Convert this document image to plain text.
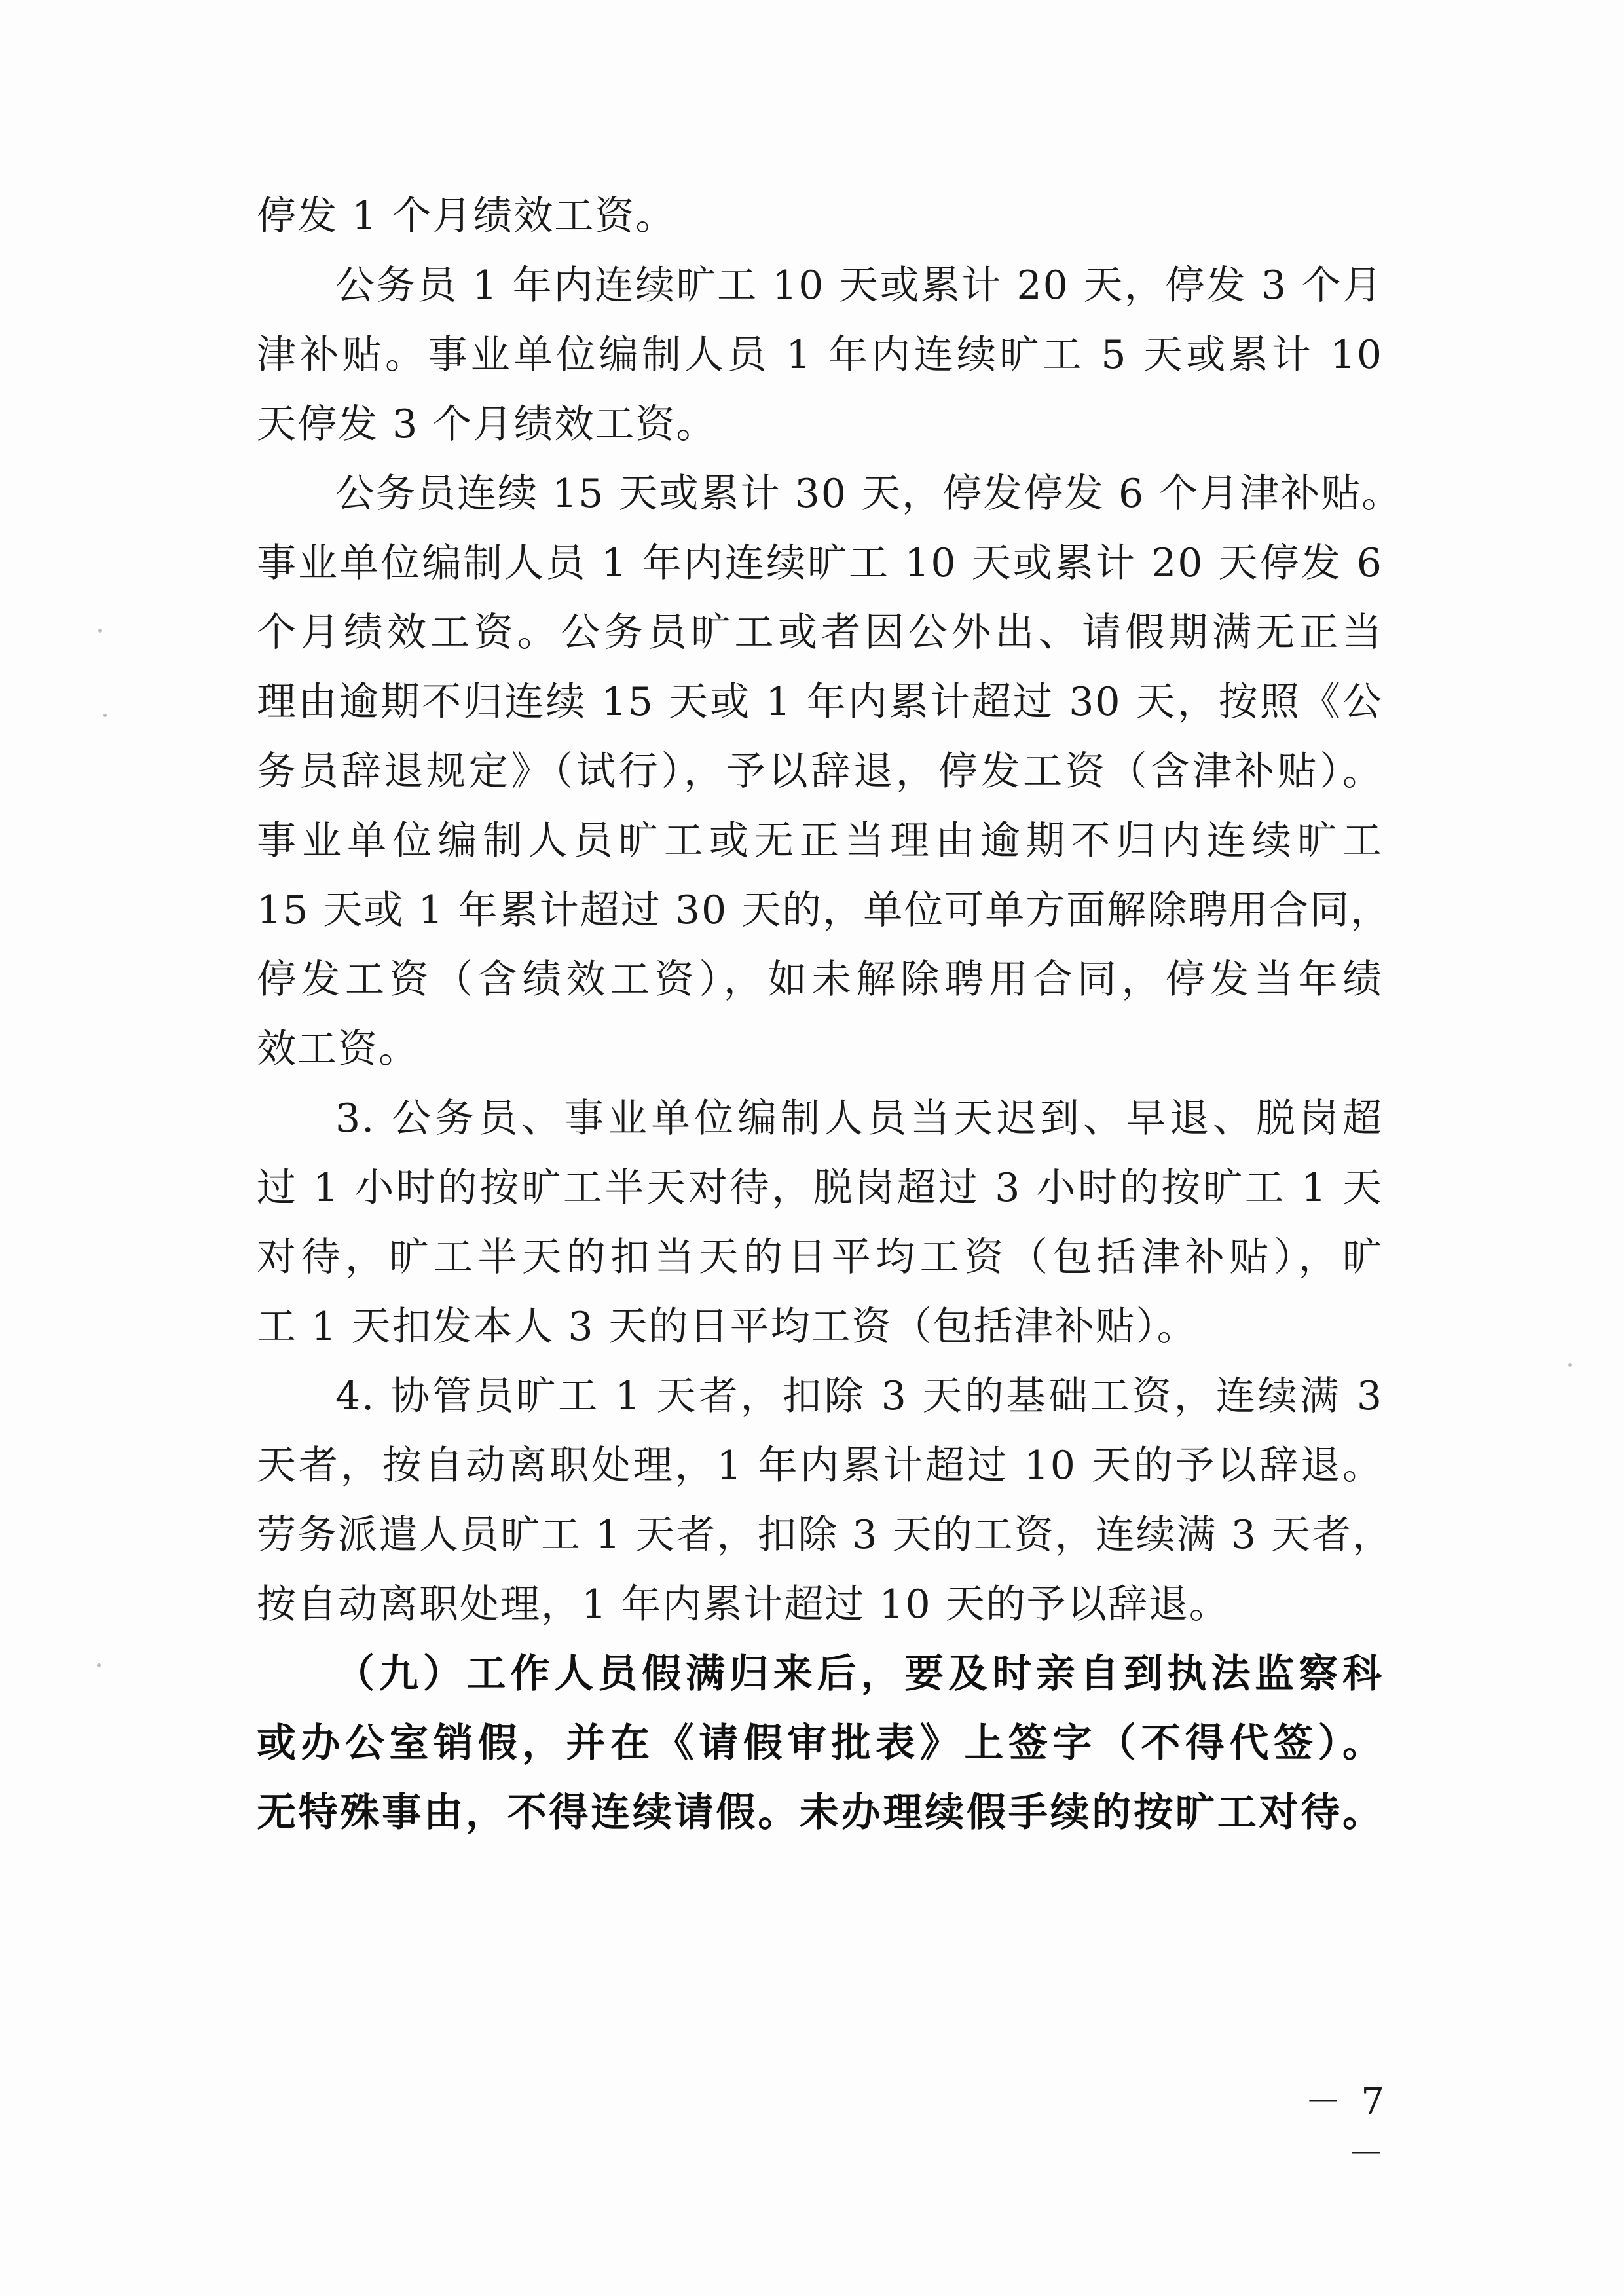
停发 1 个月绩效工资。
公务员 1 年内连续旷工 10 天或累计 20 天，停发 3 个月
津补贴。事业单位编制人员 1 年内连续旷工 5 天或累计 10
天停发 3 个月绩效工资。
公务员连续 15 天或累计 30 天，停发停发 6 个月津补贴。
事业单位编制人员 1 年内连续旷工 10 天或累计 20 天停发 6
个月绩效工资。公务员旷工或者因公外出、请假期满无正当
理由逾期不归连续 15 天或 1 年内累计超过 30 天，按照《公
务员辞退规定》（试行），予以辞退，停发工资（含津补贴）。
事业单位编制人员旷工或无正当理由逾期不归内连续旷工
15 天或 1 年累计超过 30 天的，单位可单方面解除聘用合同，
停发工资（含绩效工资），如未解除聘用合同，停发当年绩
效工资。
3. 公务员、事业单位编制人员当天迟到、早退、脱岗超
过 1 小时的按旷工半天对待，脱岗超过 3 小时的按旷工 1 天
对待，旷工半天的扣当天的日平均工资（包括津补贴），旷
工 1 天扣发本人 3 天的日平均工资（包括津补贴）。
4. 协管员旷工 1 天者，扣除 3 天的基础工资，连续满 3
天者，按自动离职处理，1 年内累计超过 10 天的予以辞退。
劳务派遣人员旷工 1 天者，扣除 3 天的工资，连续满 3 天者，
按自动离职处理，1 年内累计超过 10 天的予以辞退。
（九）工作人员假满归来后，要及时亲自到执法监察科
或办公室销假，并在《请假审批表》上签字（不得代签）。
无特殊事由，不得连续请假。未办理续假手续的按旷工对待。
－ 7 －
